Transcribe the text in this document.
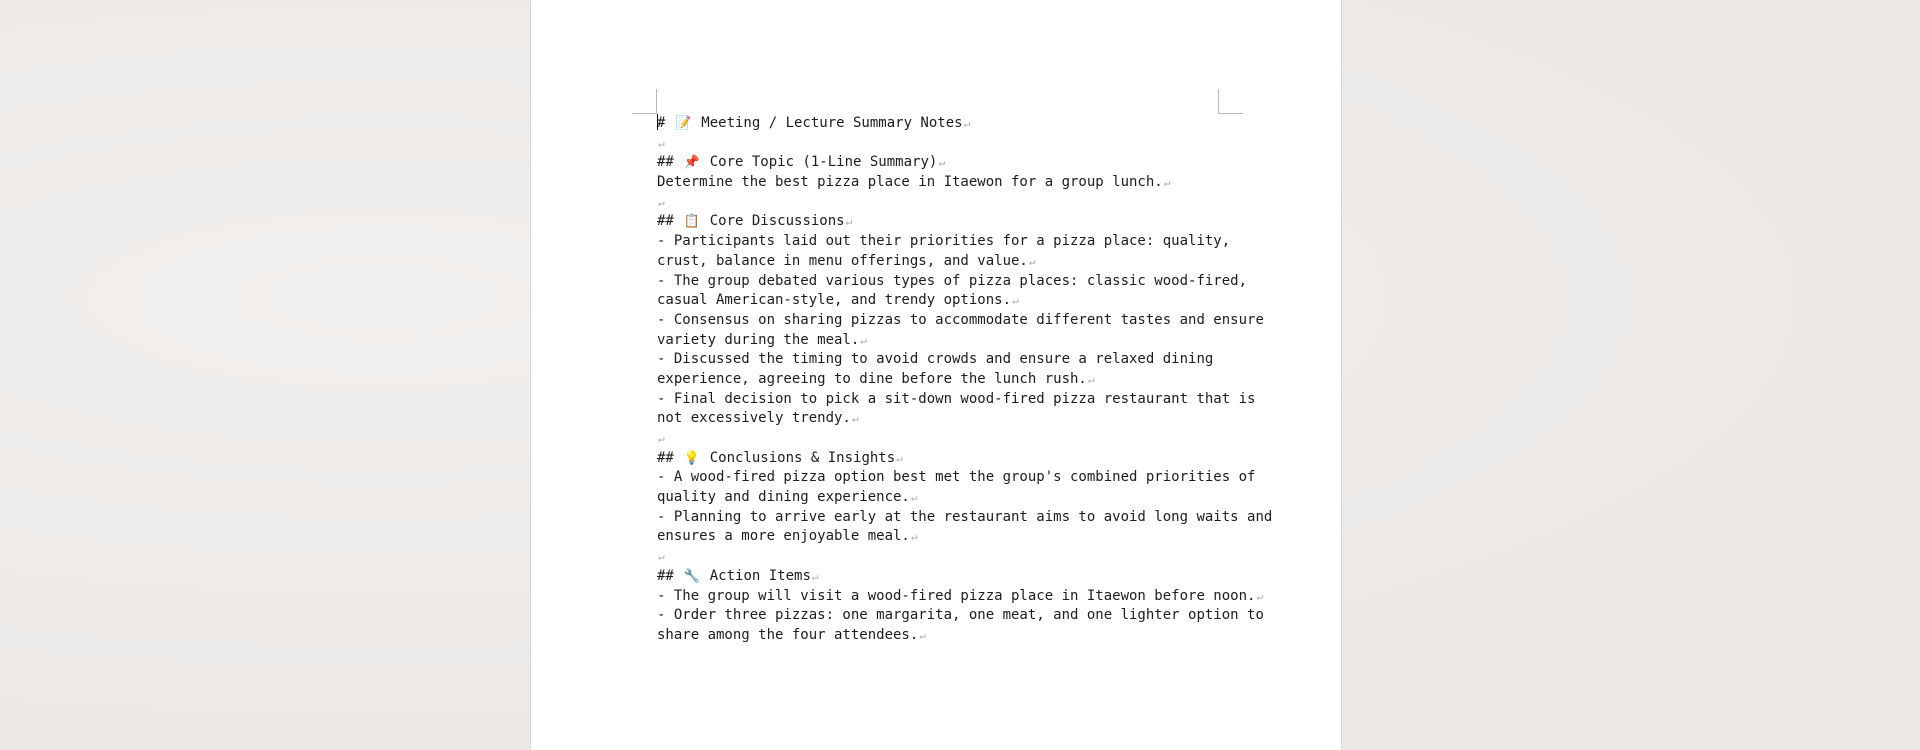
# 📝 Meeting / Lecture Summary Notes↵
↵
## 📌 Core Topic (1-Line Summary)↵
Determine the best pizza place in Itaewon for a group lunch.↵
↵
## 📋 Core Discussions↵
- Participants laid out their priorities for a pizza place: quality,
crust, balance in menu offerings, and value.↵
- The group debated various types of pizza places: classic wood-fired,
casual American-style, and trendy options.↵
- Consensus on sharing pizzas to accommodate different tastes and ensure
variety during the meal.↵
- Discussed the timing to avoid crowds and ensure a relaxed dining
experience, agreeing to dine before the lunch rush.↵
- Final decision to pick a sit-down wood-fired pizza restaurant that is
not excessively trendy.↵
↵
## 💡 Conclusions & Insights↵
- A wood-fired pizza option best met the group's combined priorities of
quality and dining experience.↵
- Planning to arrive early at the restaurant aims to avoid long waits and
ensures a more enjoyable meal.↵
↵
## 🔧 Action Items↵
- The group will visit a wood-fired pizza place in Itaewon before noon.↵
- Order three pizzas: one margarita, one meat, and one lighter option to
share among the four attendees.↵
